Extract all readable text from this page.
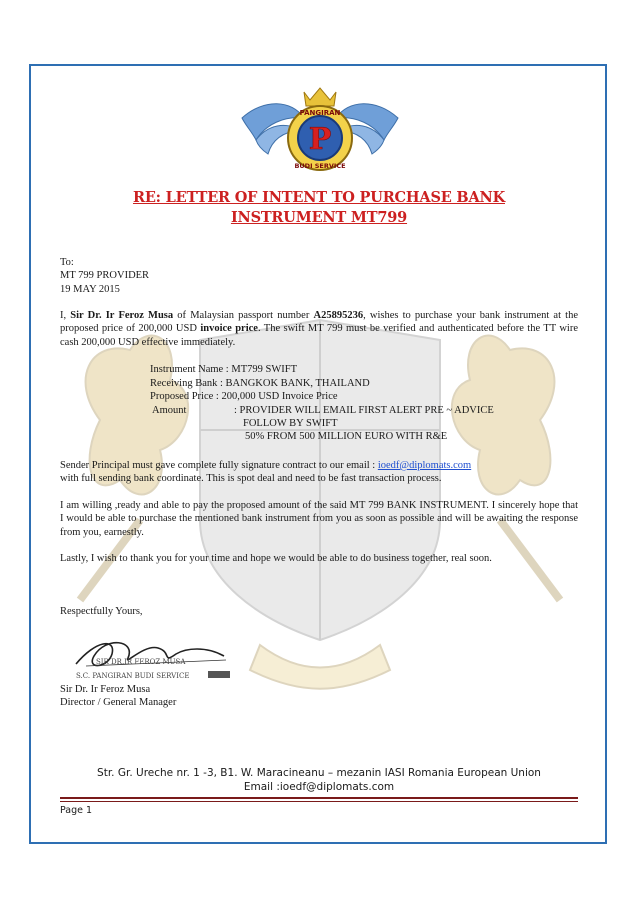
P
PANGIRAN
BUDI SERVICE
RE: LETTER OF INTENT TO PURCHASE BANK
INSTRUMENT MT799
To:
MT 799 PROVIDER
19 MAY 2015
I, Sir Dr. Ir Feroz Musa of Malaysian passport number A25895236, wishes to purchase your bank instrument at the proposed price of 200,000 USD invoice price. The swift MT 799 must be verified and authenticated before the TT wire cash 200,000 USD effective immediately.
Instrument Name : MT799 SWIFT
Receiving Bank : BANGKOK BANK, THAILAND
Proposed Price : 200,000 USD Invoice Price
Amount	: PROVIDER WILL EMAIL FIRST ALERT PRE ~ ADVICE
FOLLOW BY SWIFT
50% FROM 500 MILLION EURO WITH R&E
Sender Principal must gave complete fully signature contract to our email : ioedf@diplomats.com
with full sending bank coordinate. This is spot deal and need to be fast transaction process.
I am willing ,ready and able to pay the proposed amount of the said MT 799 BANK INSTRUMENT. I sincerely hope that I would be able to purchase the mentioned bank instrument from you as soon as possible and will be awaiting the response from you, earnestly.
Lastly, I wish to thank you for your time and hope we would be able to do business together, real soon.
Respectfully Yours,
SIR DR.IR FEROZ MUSA
S.C. PANGIRAN BUDI SERVICE
Sir Dr. Ir Feroz Musa
Director / General Manager
Str. Gr. Ureche nr. 1 -3, B1. W. Maracineanu – mezanin IASI Romania European Union
Email :ioedf@diplomats.com
Page 1
